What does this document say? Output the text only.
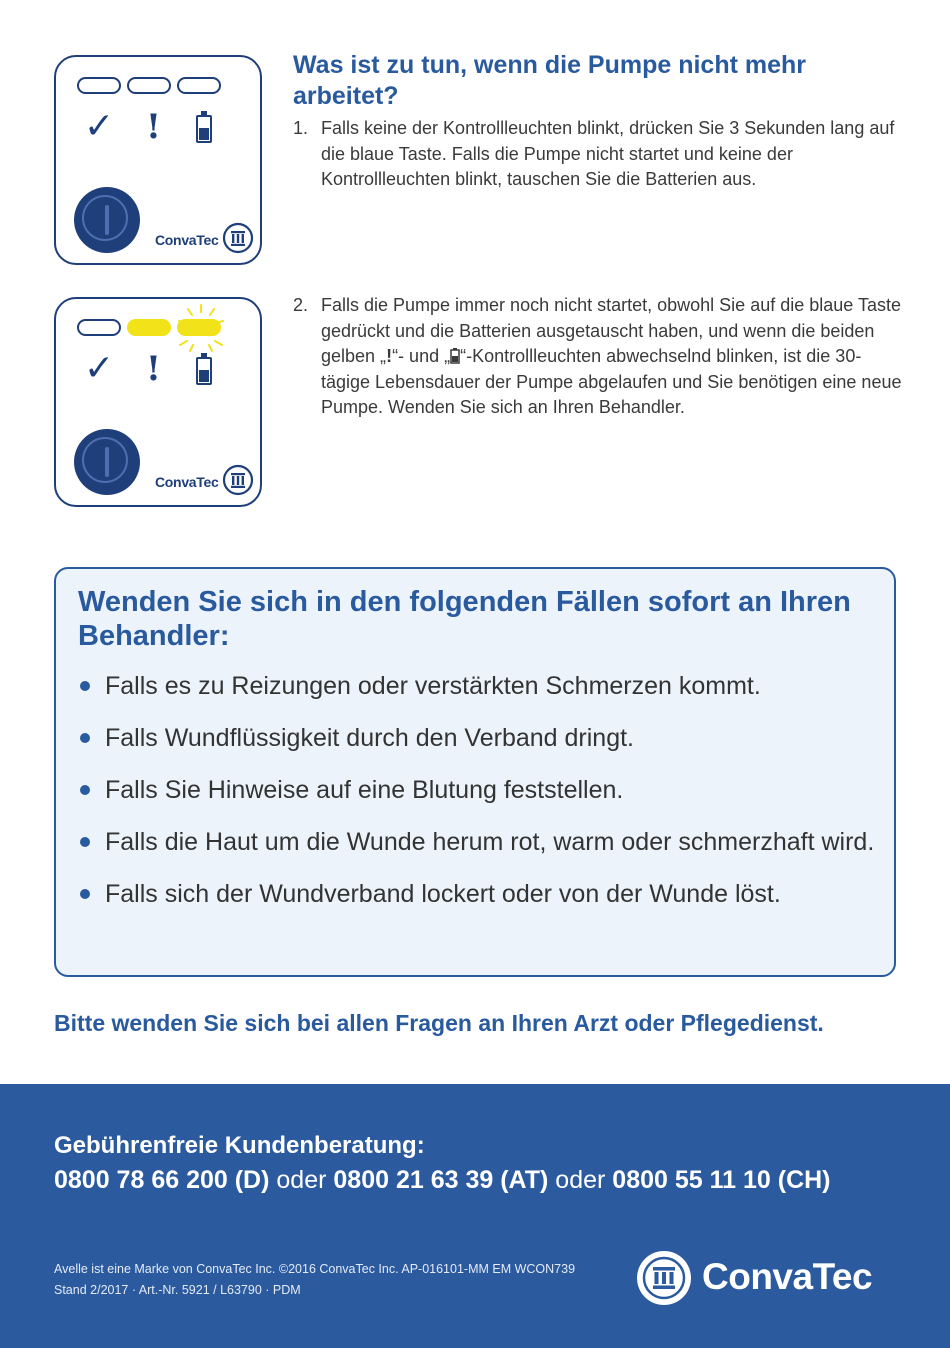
✓ !
ConvaTec
Was ist zu tun, wenn die Pumpe nicht mehr arbeitet?
1. Falls keine der Kontrollleuchten blinkt, drücken Sie 3 Sekunden lang auf die blaue Taste. Falls die Pumpe nicht startet und keine der Kontrollleuchten blinkt, tauschen Sie die Batterien aus.
✓ !
ConvaTec
2. Falls die Pumpe immer noch nicht startet, obwohl Sie auf die blaue Taste gedrückt und die Batterien ausgetauscht haben, und wenn die beiden gelben „!“- und „ “-Kontrollleuchten abwechselnd blinken, ist die 30-tägige Lebensdauer der Pumpe abgelaufen und Sie benötigen eine neue Pumpe. Wenden Sie sich an Ihren Behandler.
Wenden Sie sich in den folgenden Fällen sofort an Ihren Behandler:
Falls es zu Reizungen oder verstärkten Schmerzen kommt.
Falls Wundflüssigkeit durch den Verband dringt.
Falls Sie Hinweise auf eine Blutung feststellen.
Falls die Haut um die Wunde herum rot, warm oder schmerzhaft wird.
Falls sich der Wundverband lockert oder von der Wunde löst.
Bitte wenden Sie sich bei allen Fragen an Ihren Arzt oder Pflegedienst.
Gebührenfreie Kundenberatung:
0800 78 66 200 (D) oder 0800 21 63 39 (AT) oder 0800 55 11 10 (CH)
Avelle ist eine Marke von ConvaTec Inc. ©2016 ConvaTec Inc. AP-016101-MM EM WCON739
Stand 2/2017 · Art.-Nr. 5921 / L63790 · PDM	ConvaTec
